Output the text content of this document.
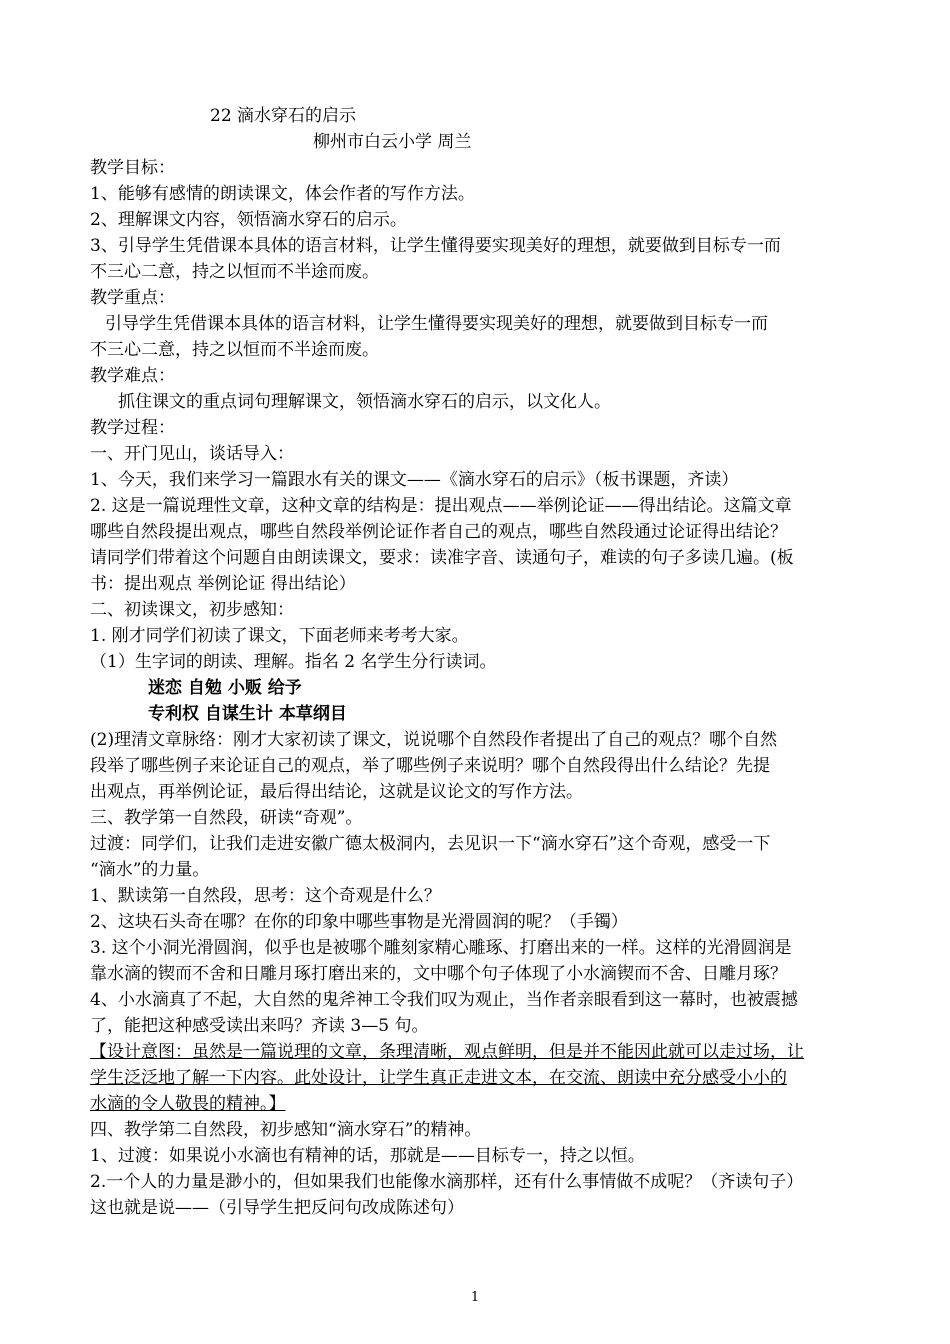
22 滴水穿石的启示
柳州市白云小学 周兰
教学目标：
1、能够有感情的朗读课文，体会作者的写作方法。
2、理解课文内容，领悟滴水穿石的启示。
3、引导学生凭借课本具体的语言材料，让学生懂得要实现美好的理想，就要做到目标专一而
不三心二意，持之以恒而不半途而废。
教学重点：
引导学生凭借课本具体的语言材料，让学生懂得要实现美好的理想，就要做到目标专一而
不三心二意，持之以恒而不半途而废。
教学难点：
抓住课文的重点词句理解课文，领悟滴水穿石的启示，以文化人。
教学过程：
一、开门见山，谈话导入：
1、今天，我们来学习一篇跟水有关的课文——《滴水穿石的启示》（板书课题，齐读）
2. 这是一篇说理性文章，这种文章的结构是：提出观点——举例论证——得出结论。这篇文章
哪些自然段提出观点，哪些自然段举例论证作者自己的观点，哪些自然段通过论证得出结论？
请同学们带着这个问题自由朗读课文，要求：读准字音、读通句子，难读的句子多读几遍。(板
书：提出观点 举例论证 得出结论）
二、初读课文，初步感知：
1. 刚才同学们初读了课文，下面老师来考考大家。
（1）生字词的朗读、理解。指名 2 名学生分行读词。
迷恋 自勉 小贩 给予
专利权 自谋生计 本草纲目
(2)理清文章脉络：刚才大家初读了课文，说说哪个自然段作者提出了自己的观点？哪个自然
段举了哪些例子来论证自己的观点，举了哪些例子来说明？哪个自然段得出什么结论？先提
出观点，再举例论证，最后得出结论，这就是议论文的写作方法。
三、教学第一自然段，研读“奇观”。
过渡：同学们，让我们走进安徽广德太极洞内，去见识一下“滴水穿石”这个奇观，感受一下
“滴水”的力量。
1、默读第一自然段，思考：这个奇观是什么？
2、这块石头奇在哪？在你的印象中哪些事物是光滑圆润的呢？（手镯）
3. 这个小洞光滑圆润，似乎也是被哪个雕刻家精心雕琢、打磨出来的一样。这样的光滑圆润是
靠水滴的锲而不舍和日雕月琢打磨出来的，文中哪个句子体现了小水滴锲而不舍、日雕月琢？
4、小水滴真了不起，大自然的鬼斧神工令我们叹为观止，当作者亲眼看到这一幕时，也被震撼
了，能把这种感受读出来吗？齐读 3—5 句。
【设计意图：虽然是一篇说理的文章，条理清晰，观点鲜明，但是并不能因此就可以走过场，让
学生泛泛地了解一下内容。此处设计，让学生真正走进文本，在交流、朗读中充分感受小小的
水滴的令人敬畏的精神。】
四、教学第二自然段，初步感知“滴水穿石”的精神。
1、过渡：如果说小水滴也有精神的话，那就是——目标专一，持之以恒。
2.一个人的力量是渺小的，但如果我们也能像水滴那样，还有什么事情做不成呢？（齐读句子）
这也就是说——（引导学生把反问句改成陈述句）
1
